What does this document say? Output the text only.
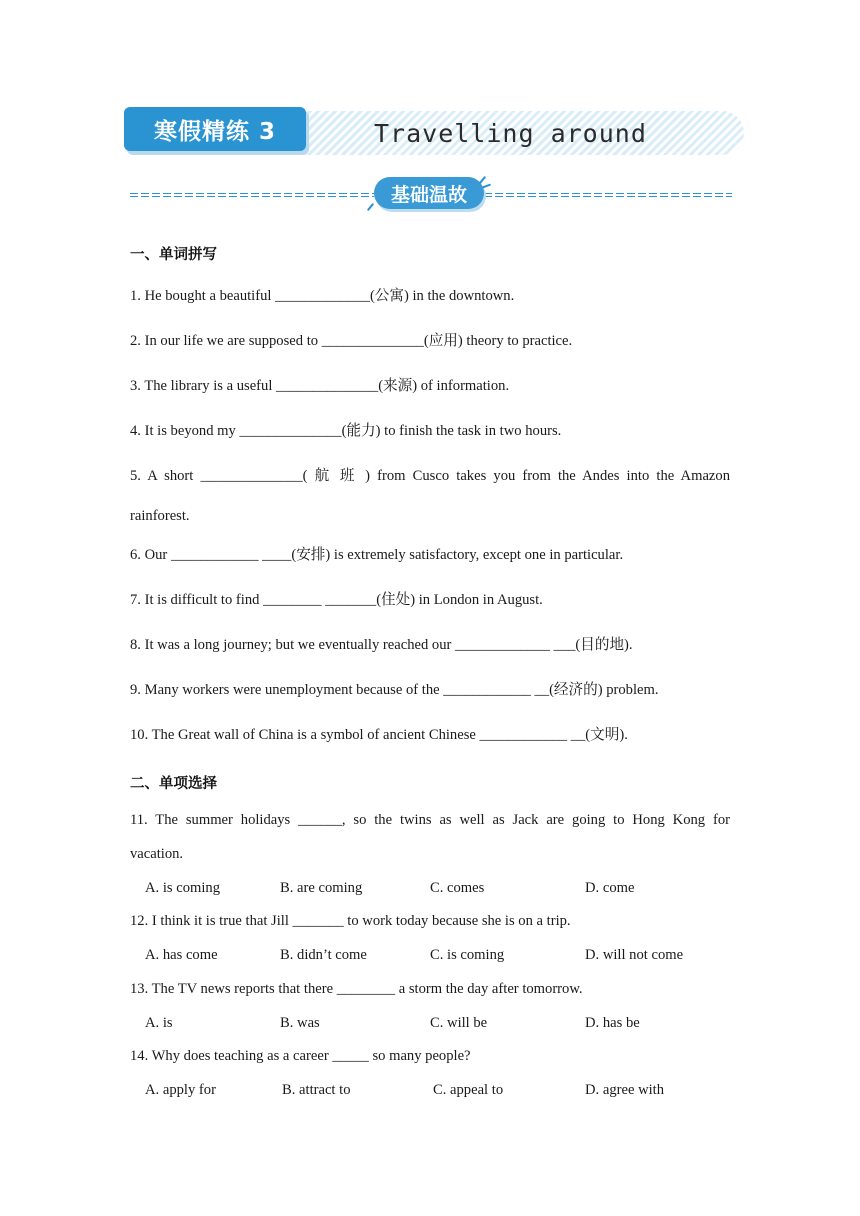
寒假精练 3	Travelling around
基础温故
一、单词拼写
1. He bought a beautiful _____________(公寓) in the downtown.
2. In our life we are supposed to ______________(应用) theory to practice.
3. The library is a useful ______________(来源) of information.
4. It is beyond my ______________(能力) to finish the task in two hours.
5. A short ______________( 航 班 ) from Cusco takes you from the Andes into the Amazon
rainforest.
6. Our ____________ ____(安排) is extremely satisfactory, except one in particular.
7. It is difficult to find ________ _______(住处) in London in August.
8. It was a long journey; but we eventually reached our _____________ ___(目的地).
9. Many workers were unemployment because of the ____________ __(经济的) problem.
10. The Great wall of China is a symbol of ancient Chinese ____________ __(文明).
二、单项选择
11. The summer holidays ______, so the twins as well as Jack are going to Hong Kong for
vacation.
A. is coming	B. are coming	C. comes	D. come
12. I think it is true that Jill _______ to work today because she is on a trip.
A. has come	B. didn’t come	C. is coming	D. will not come
13. The TV news reports that there ________ a storm the day after tomorrow.
A. is	B. was	C. will be	D. has be
14. Why does teaching as a career _____ so many people?
A. apply for	B. attract to	C. appeal to	D. agree with
